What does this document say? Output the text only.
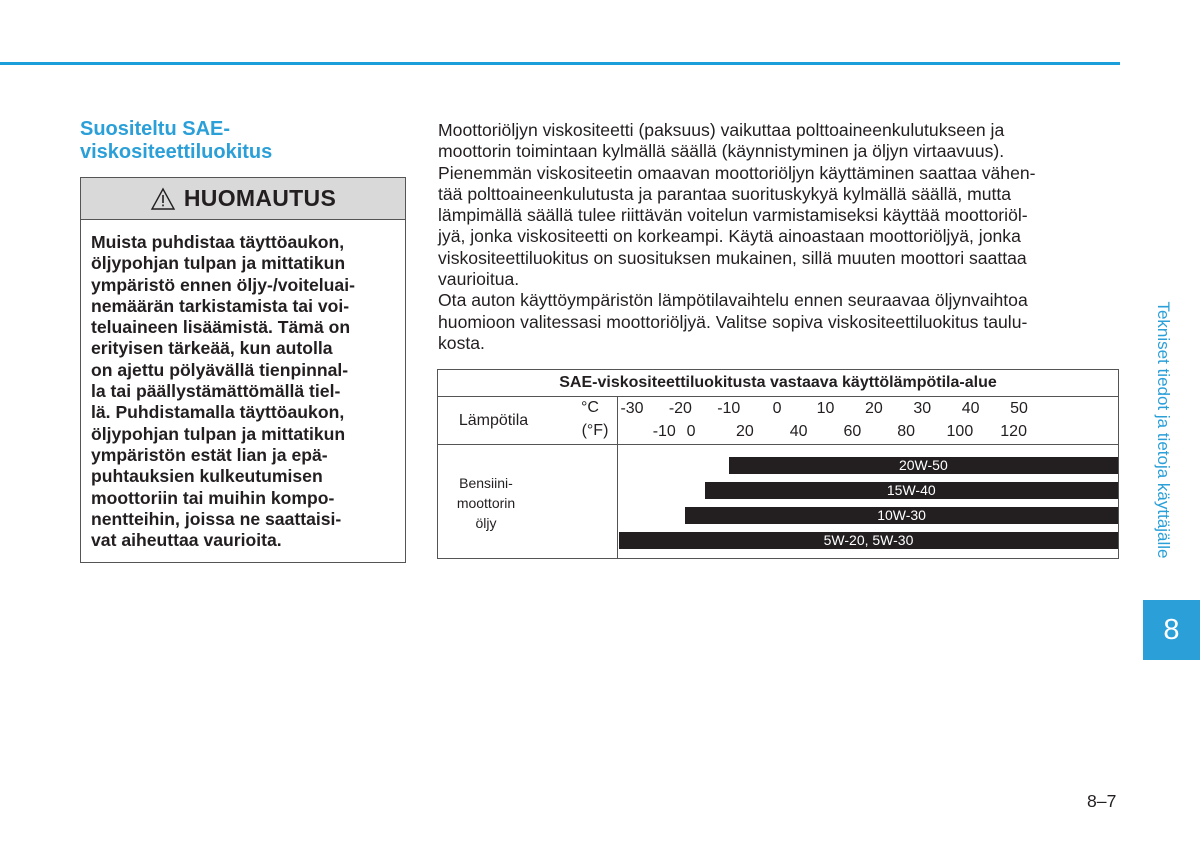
Suositeltu SAE-
viskositeettiluokitus
HUOMAUTUS
Muista puhdistaa täyttöaukon,
öljypohjan tulpan ja mittatikun
ympäristö ennen öljy-/voiteluai-
nemäärän tarkistamista tai voi-
teluaineen lisäämistä. Tämä on
erityisen tärkeää, kun autolla
on ajettu pölyävällä tienpinnal-
la tai päällystämättömällä tiel-
lä. Puhdistamalla täyttöaukon,
öljypohjan tulpan ja mittatikun
ympäristön estät lian ja epä-
puhtauksien kulkeutumisen
moottoriin tai muihin kompo-
nentteihin, joissa ne saattaisi-
vat aiheuttaa vaurioita.
Moottoriöljyn viskositeetti (paksuus) vaikuttaa polttoaineenkulutukseen ja
moottorin toimintaan kylmällä säällä (käynnistyminen ja öljyn virtaavuus).
Pienemmän viskositeetin omaavan moottoriöljyn käyttäminen saattaa vähen-
tää polttoaineenkulutusta ja parantaa suorituskykyä kylmällä säällä, mutta
lämpimällä säällä tulee riittävän voitelun varmistamiseksi käyttää moottoriöl-
jyä, jonka viskositeetti on korkeampi. Käytä ainoastaan moottoriöljyä, jonka
viskositeettiluokitus on suosituksen mukainen, sillä muuten moottori saattaa
vaurioitua.
Ota auton käyttöympäristön lämpötilavaihtelu ennen seuraavaa öljynvaihtoa
huomioon valitessasi moottoriöljyä. Valitse sopiva viskositeettiluokitus taulu-
kosta.
SAE-viskositeettiluokitusta vastaava käyttölämpötila-alue
Lämpötila
°C
(°F)
Bensiini-
moottorin
öljy
-30 -20 -10 0 10 20 30 40 50
-10 0	20 40 60 80 100 120
20W-50
15W-40
10W-30
5W-20, 5W-30	Tekniset tiedot ja tietoja käyttäjälle
8
8–7
